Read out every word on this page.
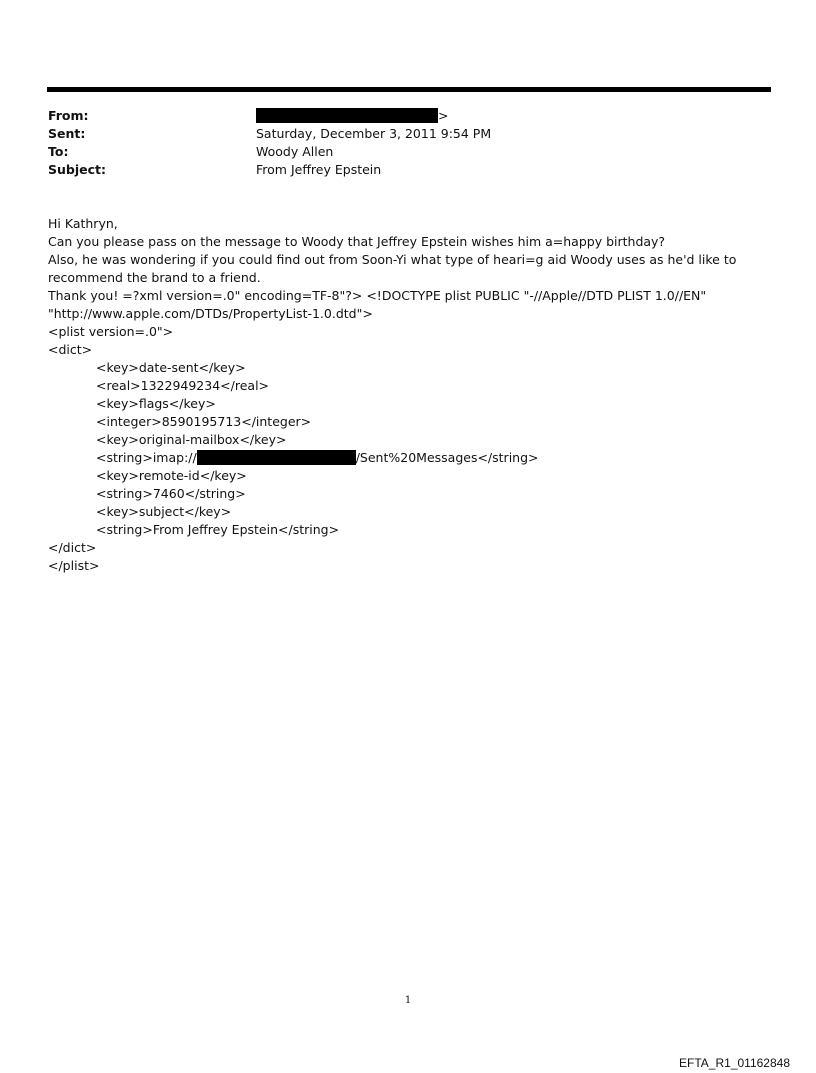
From:	>
Sent:	Saturday, December 3, 2011 9:54 PM
To:	Woody Allen
Subject:	From Jeffrey Epstein
Hi Kathryn,
Can you please pass on the message to Woody that Jeffrey Epstein wishes him a=happy birthday?
Also, he was wondering if you could find out from Soon-Yi what type of heari=g aid Woody uses as he'd like to
recommend the brand to a friend.
Thank you! =?xml version=.0" encoding=TF-8"?> <!DOCTYPE plist PUBLIC "-//Apple//DTD PLIST 1.0//EN"
"http://www.apple.com/DTDs/PropertyList-1.0.dtd">
<plist version=.0">
<dict>
<key>date-sent</key>
<real>1322949234</real>
<key>flags</key>
<integer>8590195713</integer>
<key>original-mailbox</key>
<string>imap://	/Sent%20Messages</string>
<key>remote-id</key>
<string>7460</string>
<key>subject</key>
<string>From Jeffrey Epstein</string>
</dict>
</plist>
1
EFTA_R1_01162848
